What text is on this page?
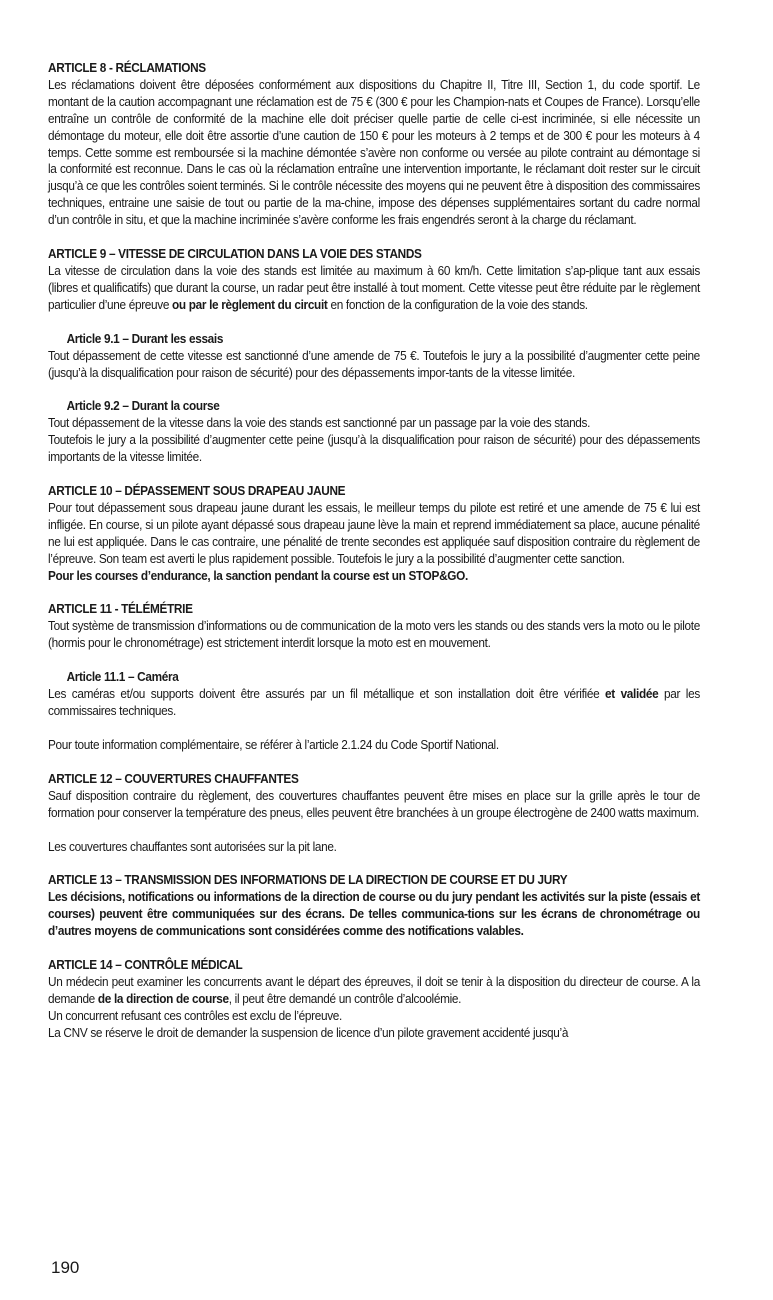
ARTICLE 8 - RÉCLAMATIONS

Les réclamations doivent être déposées conformément aux dispositions du Chapitre II, Titre III, Section 1, du code sportif. Le montant de la caution accompagnant une réclamation est de 75 € (300 € pour les Champion-nats et Coupes de France). Lorsqu’elle entraîne un contrôle de conformité de la machine elle doit préciser quelle partie de celle ci-est incriminée, si elle nécessite un démontage du moteur, elle doit être assortie d’une caution de 150 € pour les moteurs à 2 temps et de 300 € pour les moteurs à 4 temps. Cette somme est remboursée si la machine démontée s’avère non conforme ou versée au pilote contraint au démontage si la conformité est reconnue. Dans le cas où la réclamation entraîne une intervention importante, le réclamant doit rester sur le circuit jusqu’à ce que les contrôles soient terminés. Si le contrôle nécessite des moyens qui ne peuvent être à disposition des commissaires techniques, entraine une saisie de tout ou partie de la ma-chine, impose des dépenses supplémentaires sortant du cadre normal d’un contrôle in situ, et que la machine incriminée s’avère conforme les frais engendrés seront à la charge du réclamant.

ARTICLE 9 – VITESSE DE CIRCULATION DANS LA VOIE DES STANDS

La vitesse de circulation dans la voie des stands est limitée au maximum à 60 km/h. Cette limitation s’ap-plique tant aux essais (libres et qualificatifs) que durant la course, un radar peut être installé à tout moment. Cette vitesse peut être réduite par le règlement particulier d’une épreuve ou par le règlement du circuit en fonction de la configuration de la voie des stands.

Article 9.1 – Durant les essais

Tout dépassement de cette vitesse est sanctionné d’une amende de 75 €. Toutefois le jury a la possibilité d’augmenter cette peine (jusqu’à la disqualification pour raison de sécurité) pour des dépassements impor-tants de la vitesse limitée.

Article 9.2 – Durant la course

Tout dépassement de la vitesse dans la voie des stands est sanctionné par un passage par la voie des stands.

Toutefois le jury a la possibilité d’augmenter cette peine (jusqu’à la disqualification pour raison de sécurité) pour des dépassements importants de la vitesse limitée.

ARTICLE 10 – DÉPASSEMENT SOUS DRAPEAU JAUNE

Pour tout dépassement sous drapeau jaune durant les essais, le meilleur temps du pilote est retiré et une amende de 75 € lui est infligée. En course, si un pilote ayant dépassé sous drapeau jaune lève la main et reprend immédiatement sa place, aucune pénalité ne lui est appliquée. Dans le cas contraire, une pénalité de trente secondes est appliquée sauf disposition contraire du règlement de l’épreuve. Son team est averti le plus rapidement possible. Toutefois le jury a la possibilité d’augmenter cette sanction.

Pour les courses d’endurance, la sanction pendant la course est un STOP&GO.

ARTICLE 11 - TÉLÉMÉTRIE

Tout système de transmission d’informations ou de communication de la moto vers les stands ou des stands vers la moto ou le pilote (hormis pour le chronométrage) est strictement interdit lorsque la moto est en mouvement.

Article 11.1 – Caméra

Les caméras et/ou supports doivent être assurés par un fil métallique et son installation doit être vérifiée et validée par les commissaires techniques.

Pour toute information complémentaire, se référer à l’article 2.1.24 du Code Sportif National.

ARTICLE 12 – COUVERTURES CHAUFFANTES

Sauf disposition contraire du règlement, des couvertures chauffantes peuvent être mises en place sur la grille après le tour de formation pour conserver la température des pneus, elles peuvent être branchées à un groupe électrogène de 2400 watts maximum.

Les couvertures chauffantes sont autorisées sur la pit lane.

ARTICLE 13 – TRANSMISSION DES INFORMATIONS DE LA DIRECTION DE COURSE ET DU JURY

Les décisions, notifications ou informations de la direction de course ou du jury pendant les activités sur la piste (essais et courses) peuvent être communiquées sur des écrans. De telles communica-tions sur les écrans de chronométrage ou d’autres moyens de communications sont considérées comme des notifications valables.

ARTICLE 14 – CONTRÔLE MÉDICAL

Un médecin peut examiner les concurrents avant le départ des épreuves, il doit se tenir à la disposition du directeur de course. A la demande de la direction de course, il peut être demandé un contrôle d’alcoolémie.

Un concurrent refusant ces contrôles est exclu de l’épreuve.

La CNV se réserve le droit de demander la suspension de licence d’un pilote gravement accidenté jusqu’à

190
